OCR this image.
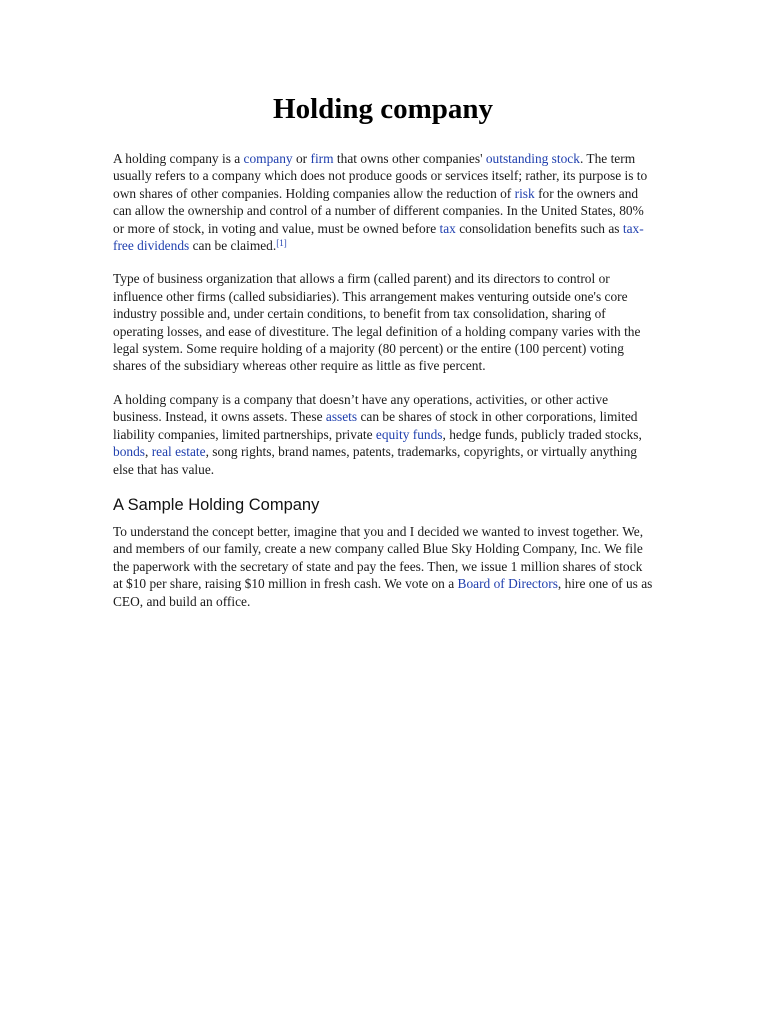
Holding company

A holding company is a company or firm that owns other companies' outstanding stock. The term usually refers to a company which does not produce goods or services itself; rather, its purpose is to own shares of other companies. Holding companies allow the reduction of risk for the owners and can allow the ownership and control of a number of different companies. In the United States, 80% or more of stock, in voting and value, must be owned before tax consolidation benefits such as tax-free dividends can be claimed.[1]

Type of business organization that allows a firm (called parent) and its directors to control or influence other firms (called subsidiaries). This arrangement makes venturing outside one's core industry possible and, under certain conditions, to benefit from tax consolidation, sharing of operating losses, and ease of divestiture. The legal definition of a holding company varies with the legal system. Some require holding of a majority (80 percent) or the entire (100 percent) voting shares of the subsidiary whereas other require as little as five percent.

A holding company is a company that doesn’t have any operations, activities, or other active business. Instead, it owns assets. These assets can be shares of stock in other corporations, limited liability companies, limited partnerships, private equity funds, hedge funds, publicly traded stocks, bonds, real estate, song rights, brand names, patents, trademarks, copyrights, or virtually anything else that has value.

A Sample Holding Company

To understand the concept better, imagine that you and I decided we wanted to invest together. We, and members of our family, create a new company called Blue Sky Holding Company, Inc. We file the paperwork with the secretary of state and pay the fees. Then, we issue 1 million shares of stock at $10 per share, raising $10 million in fresh cash. We vote on a Board of Directors, hire one of us as CEO, and build an office.
